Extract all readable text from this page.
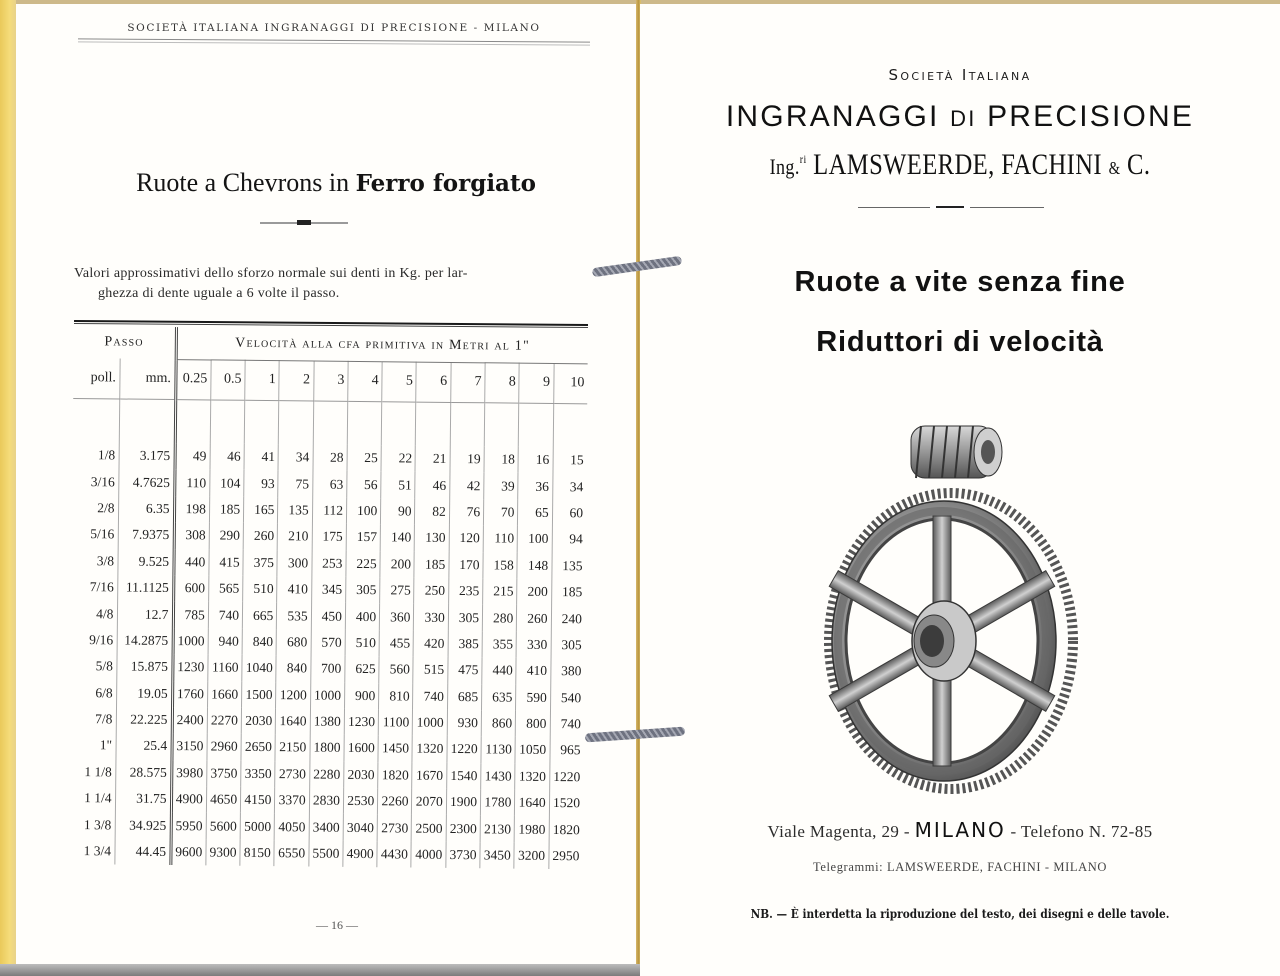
SOCIETÀ ITALIANA INGRANAGGI DI PRECISIONE - MILANO
Ruote a Chevrons in Ferro forgiato
Valori approssimativi dello sforzo normale sui denti in Kg. per lar-
ghezza di dente uguale a 6 volte il passo.
Passo		Velocità alla cfa primitiva in Metri al 1"											
poll.	mm.	0.25	0.5	1	2	3	4	5	6	7	8	9	10

1/8	3.175	49	46	41	34	28	25	22	21	19	18	16	15
3/16	4.7625	110	104	93	75	63	56	51	46	42	39	36	34
2/8	6.35	198	185	165	135	112	100	90	82	76	70	65	60
5/16	7.9375	308	290	260	210	175	157	140	130	120	110	100	94
3/8	9.525	440	415	375	300	253	225	200	185	170	158	148	135
7/16	11.1125	600	565	510	410	345	305	275	250	235	215	200	185
4/8	12.7	785	740	665	535	450	400	360	330	305	280	260	240
9/16	14.2875	1000	940	840	680	570	510	455	420	385	355	330	305
5/8	15.875	1230	1160	1040	840	700	625	560	515	475	440	410	380
6/8	19.05	1760	1660	1500	1200	1000	900	810	740	685	635	590	540
7/8	22.225	2400	2270	2030	1640	1380	1230	1100	1000	930	860	800	740
1"	25.4	3150	2960	2650	2150	1800	1600	1450	1320	1220	1130	1050	965
1 1/8	28.575	3980	3750	3350	2730	2280	2030	1820	1670	1540	1430	1320	1220
1 1/4	31.75	4900	4650	4150	3370	2830	2530	2260	2070	1900	1780	1640	1520
1 3/8	34.925	5950	5600	5000	4050	3400	3040	2730	2500	2300	2130	1980	1820
1 3/4	44.45	9600	9300	8150	6550	5500	4900	4430	4000	3730	3450	3200	2950
— 16 —
Società Italiana
INGRANAGGI DI PRECISIONE
Ing.$^{ri}$ LAMSWEERDE, FACHINI & C.
Ruote a vite senza fine
Riduttori di velocità
Viale Magenta, 29 - MILANO - Telefono N. 72-85
Telegrammi: LAMSWEERDE, FACHINI - MILANO
NB. — È interdetta la riproduzione del testo, dei disegni e delle tavole.
